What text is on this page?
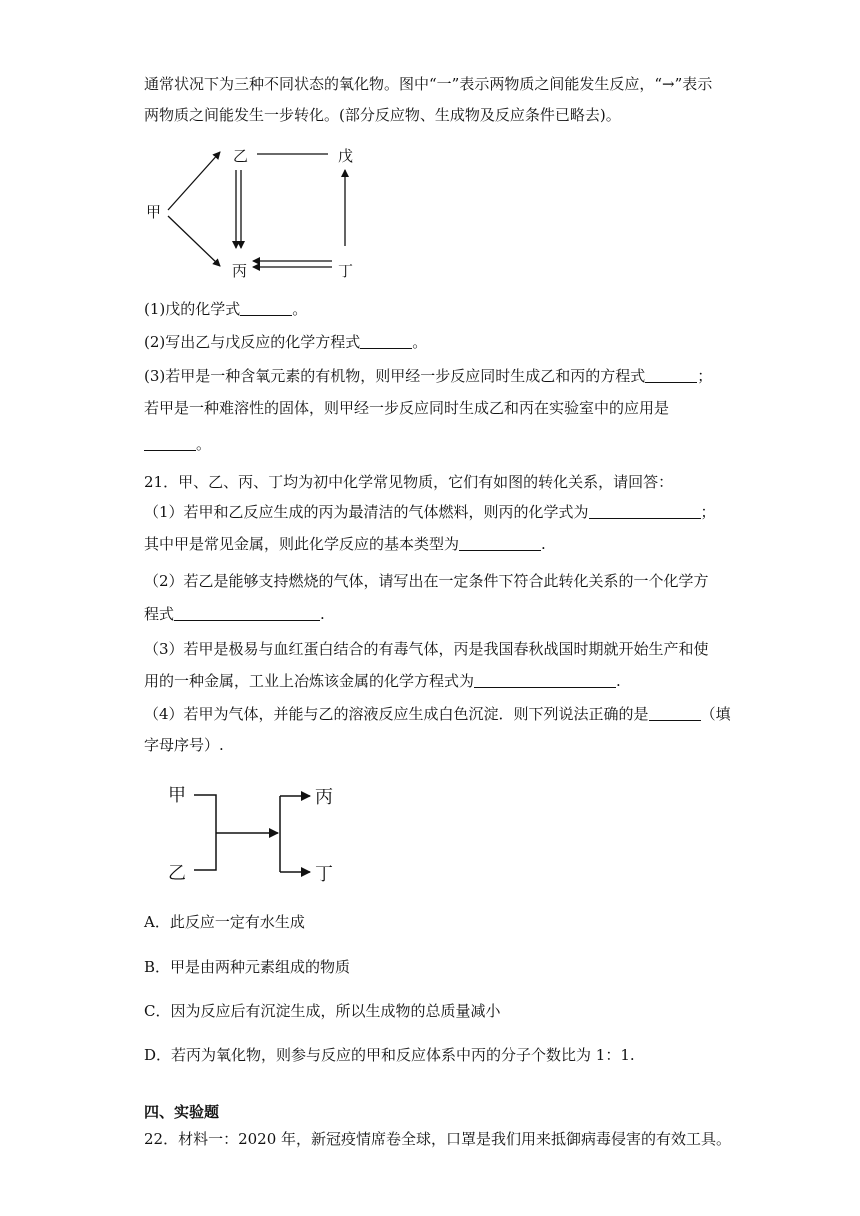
通常状况下为三种不同状态的氧化物。图中“一”表示两物质之间能发生反应，“→”表示
两物质之间能发生一步转化。(部分反应物、生成物及反应条件已略去)。
甲
乙	戊
丙	丁
(1)戊的化学式	。
(2)写出乙与戊反应的化学方程式	。
(3)若甲是一种含氧元素的有机物，则甲经一步反应同时生成乙和丙的方程式	；
若甲是一种难溶性的固体，则甲经一步反应同时生成乙和丙在实验室中的应用是
。
21．甲、乙、丙、丁均为初中化学常见物质，它们有如图的转化关系，请回答：
（1）若甲和乙反应生成的丙为最清洁的气体燃料，则丙的化学式为	；
其中甲是常见金属，则此化学反应的基本类型为	.
（2）若乙是能够支持燃烧的气体，请写出在一定条件下符合此转化关系的一个化学方
程式	.
（3）若甲是极易与血红蛋白结合的有毒气体，丙是我国春秋战国时期就开始生产和使
用的一种金属，工业上冶炼该金属的化学方程式为	.
（4）若甲为气体，并能与乙的溶液反应生成白色沉淀．则下列说法正确的是	（填
字母序号）.
甲
乙
丙
丁
A．此反应一定有水生成
B．甲是由两种元素组成的物质
C．因为反应后有沉淀生成，所以生成物的总质量减小
D．若丙为氧化物，则参与反应的甲和反应体系中丙的分子个数比为 1：1.
四、实验题
22．材料一：2020 年，新冠疫情席卷全球，口罩是我们用来抵御病毒侵害的有效工具。
